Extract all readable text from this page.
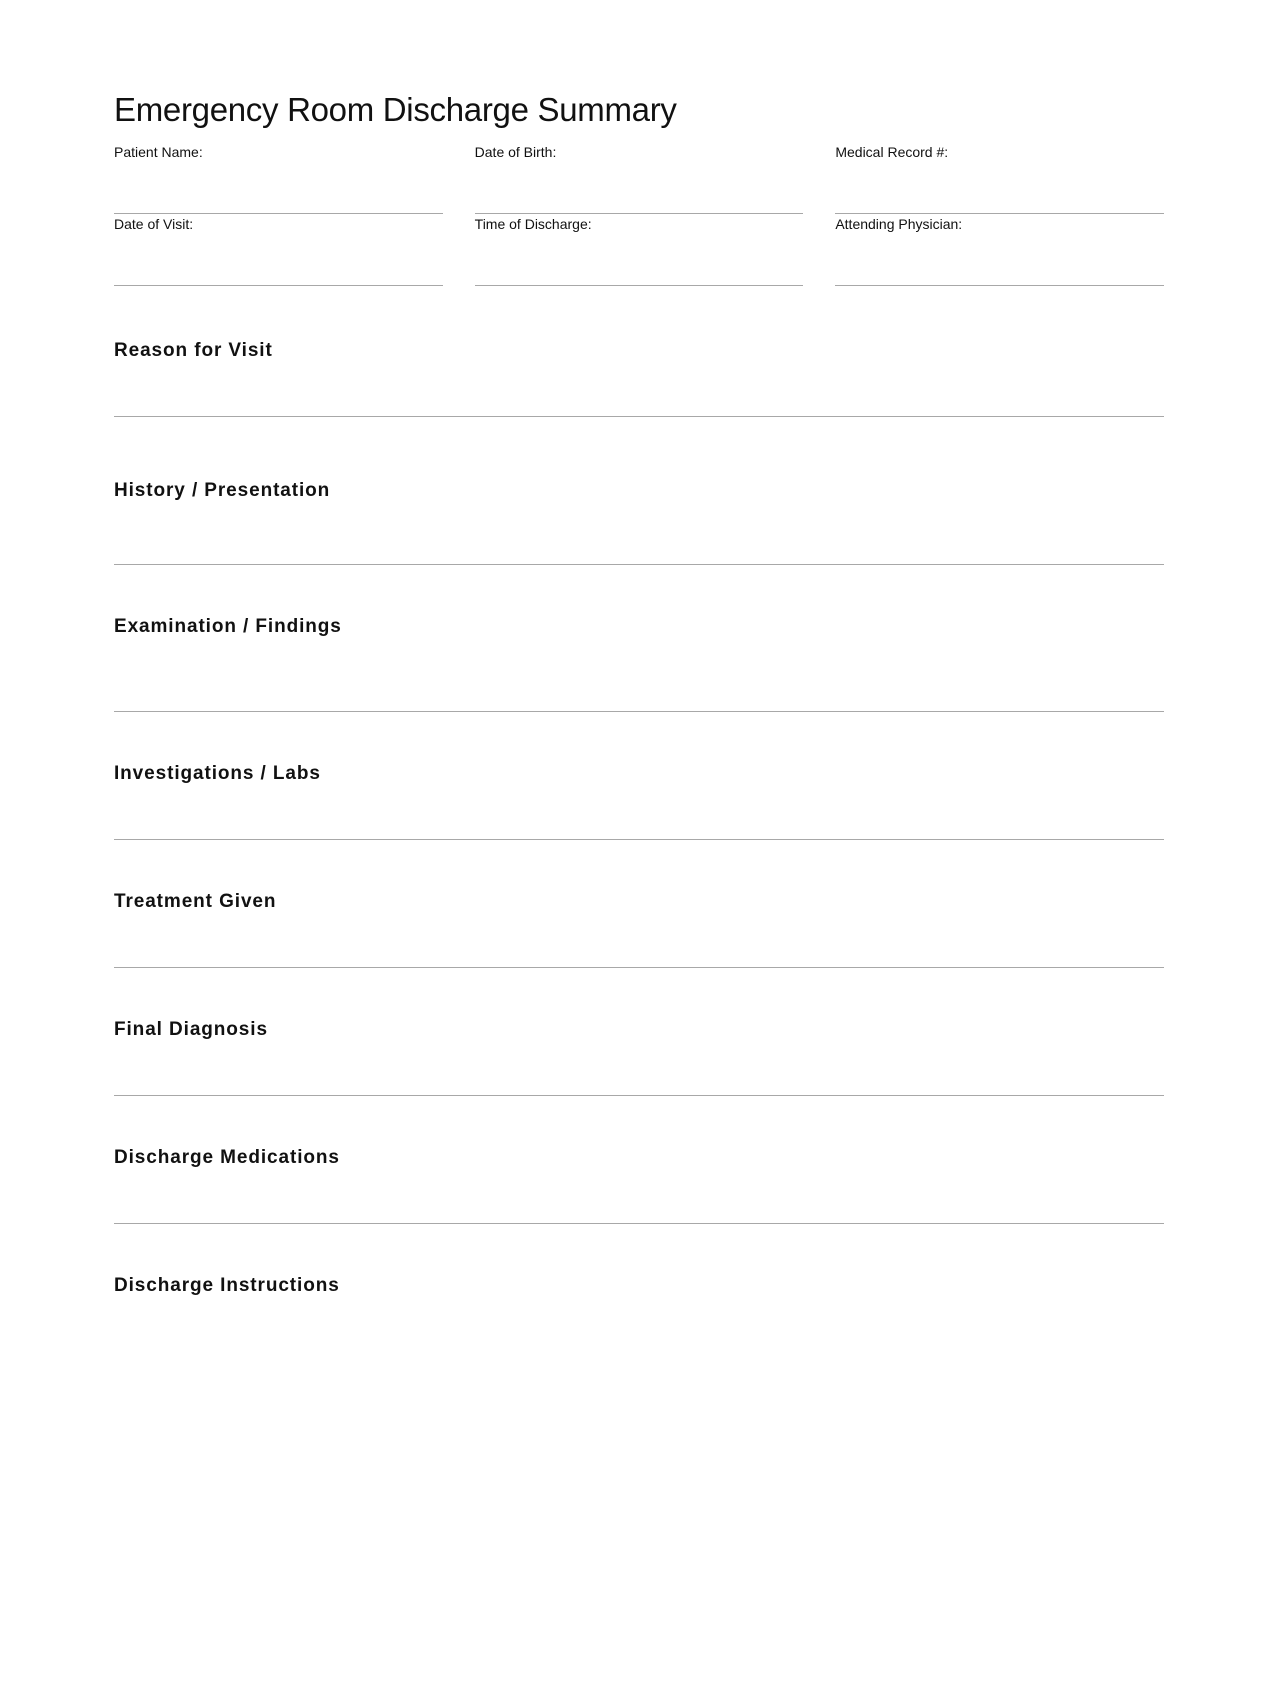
Emergency Room Discharge Summary
Patient Name:	Date of Birth:	Medical Record #:
Date of Visit:	Time of Discharge:	Attending Physician:
Reason for Visit
History / Presentation
Examination / Findings
Investigations / Labs
Treatment Given
Final Diagnosis
Discharge Medications
Discharge Instructions
